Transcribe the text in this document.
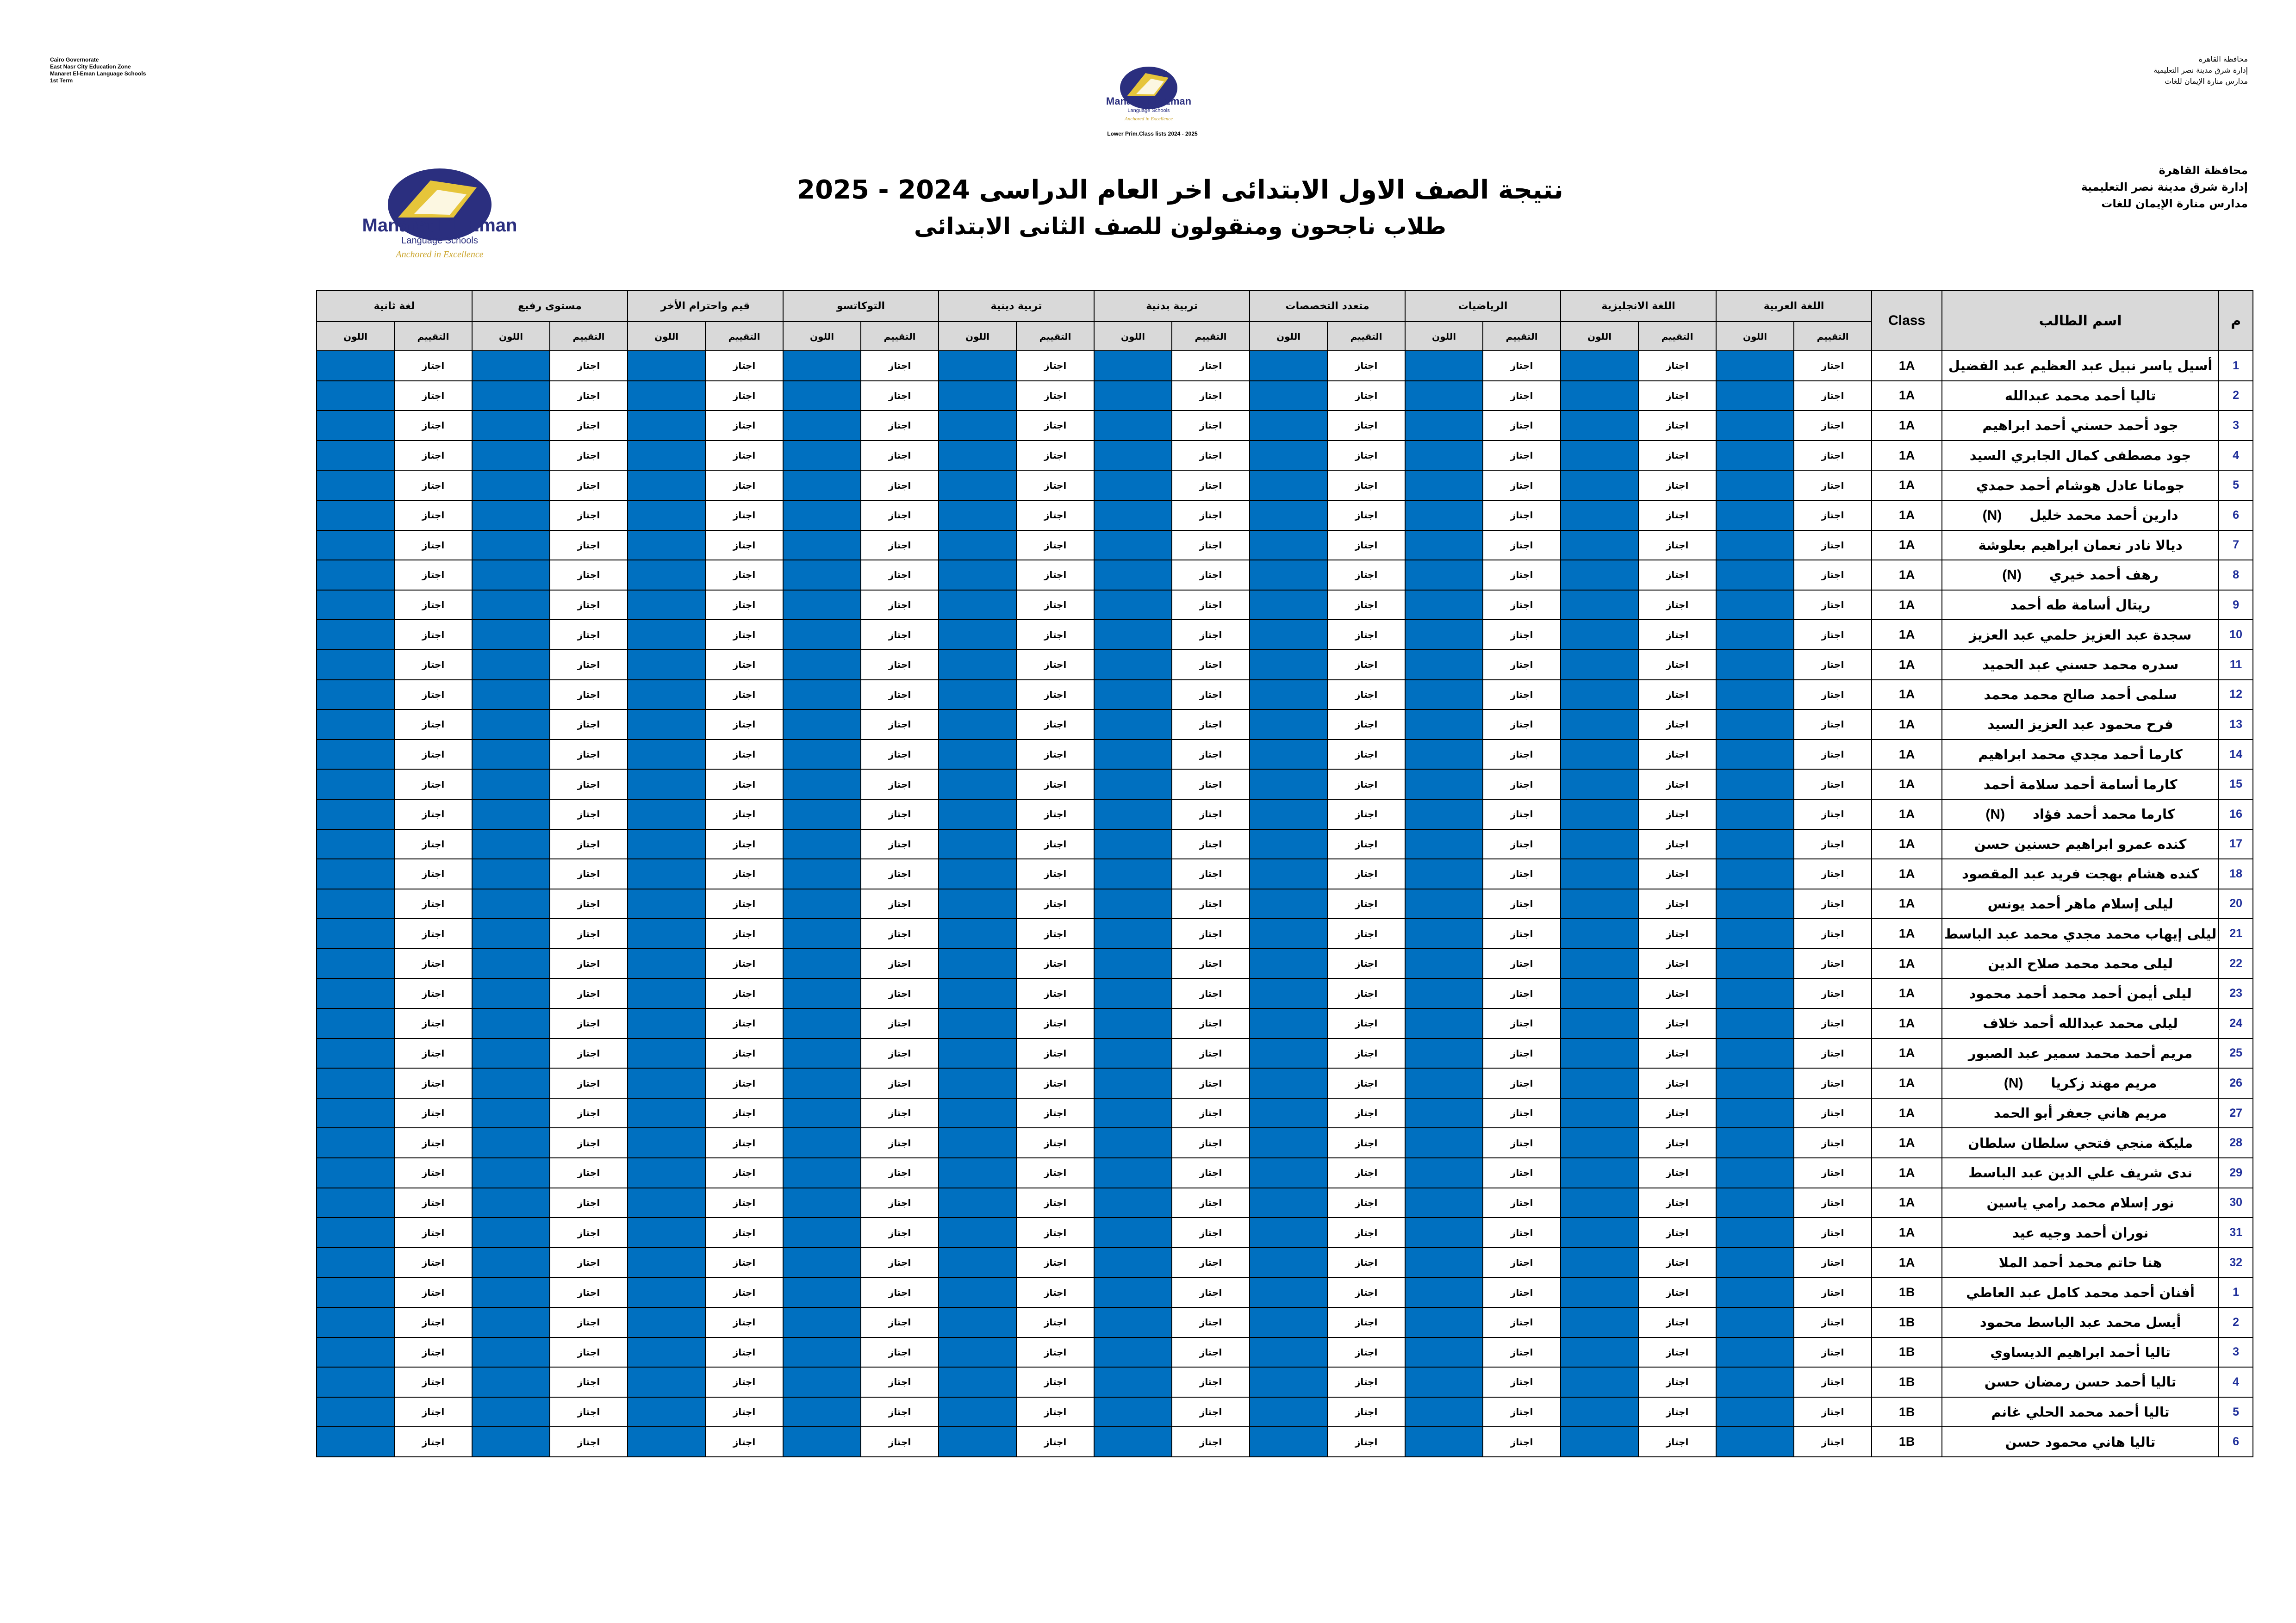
Cairo Governorate
East Nasr City Education Zone
Manaret El-Eman Language Schools
1st Term
محافظة القاهرة
إدارة شرق مدينة نصر التعليمية
مدارس منارة الإيمان للغات
Manaret EL Eman
Language Schools
Anchored in Excellence
Lower Prim.Class lists 2024 - 2025
محافظة القاهرة
إدارة شرق مدينة نصر التعليمية
مدارس منارة الإيمان للغات
Manaret EL Eman
Language Schools
Anchored in Excellence
نتيجة الصف الاول الابتدائى اخر العام الدراسى 2024 - 2025
طلاب ناجحون ومنقولون للصف الثانى الابتدائى
م	اسم الطالب	Class	اللغة العربية		اللغة الانجليزية		الرياضيات		متعدد التخصصات		تربية بدنية		تربية دينية		التوكاتسو		قيم واحترام الأخر		مستوى رفيع		لغة ثانية	
			التقييم	اللون	التقييم	اللون	التقييم	اللون	التقييم	اللون	التقييم	اللون	التقييم	اللون	التقييم	اللون	التقييم	اللون	التقييم	اللون	التقييم	اللون
1	أسيل ياسر نبيل عبد العظيم عبد الفضيل	1A	اجتاز		اجتاز		اجتاز		اجتاز		اجتاز		اجتاز		اجتاز		اجتاز		اجتاز		اجتاز	
2	تاليا أحمد محمد عبدالله	1A	اجتاز		اجتاز		اجتاز		اجتاز		اجتاز		اجتاز		اجتاز		اجتاز		اجتاز		اجتاز	
3	جود أحمد حسني أحمد ابراهيم	1A	اجتاز		اجتاز		اجتاز		اجتاز		اجتاز		اجتاز		اجتاز		اجتاز		اجتاز		اجتاز	
4	جود مصطفى كمال الجابري السيد	1A	اجتاز		اجتاز		اجتاز		اجتاز		اجتاز		اجتاز		اجتاز		اجتاز		اجتاز		اجتاز	
5	جومانا عادل هوشام أحمد حمدي	1A	اجتاز		اجتاز		اجتاز		اجتاز		اجتاز		اجتاز		اجتاز		اجتاز		اجتاز		اجتاز	
6	دارين أحمد محمد خليل(N)	1A	اجتاز		اجتاز		اجتاز		اجتاز		اجتاز		اجتاز		اجتاز		اجتاز		اجتاز		اجتاز	
7	ديالا نادر نعمان ابراهيم بعلوشة	1A	اجتاز		اجتاز		اجتاز		اجتاز		اجتاز		اجتاز		اجتاز		اجتاز		اجتاز		اجتاز	
8	رهف أحمد خيري(N)	1A	اجتاز		اجتاز		اجتاز		اجتاز		اجتاز		اجتاز		اجتاز		اجتاز		اجتاز		اجتاز	
9	ريتال أسامة طه أحمد	1A	اجتاز		اجتاز		اجتاز		اجتاز		اجتاز		اجتاز		اجتاز		اجتاز		اجتاز		اجتاز	
10	سجدة عبد العزيز حلمي عبد العزيز	1A	اجتاز		اجتاز		اجتاز		اجتاز		اجتاز		اجتاز		اجتاز		اجتاز		اجتاز		اجتاز	
11	سدره محمد حسني عبد الحميد	1A	اجتاز		اجتاز		اجتاز		اجتاز		اجتاز		اجتاز		اجتاز		اجتاز		اجتاز		اجتاز	
12	سلمى أحمد صالح محمد محمد	1A	اجتاز		اجتاز		اجتاز		اجتاز		اجتاز		اجتاز		اجتاز		اجتاز		اجتاز		اجتاز	
13	فرح محمود عبد العزيز السيد	1A	اجتاز		اجتاز		اجتاز		اجتاز		اجتاز		اجتاز		اجتاز		اجتاز		اجتاز		اجتاز	
14	كارما أحمد مجدي محمد ابراهيم	1A	اجتاز		اجتاز		اجتاز		اجتاز		اجتاز		اجتاز		اجتاز		اجتاز		اجتاز		اجتاز	
15	كارما أسامة أحمد سلامة أحمد	1A	اجتاز		اجتاز		اجتاز		اجتاز		اجتاز		اجتاز		اجتاز		اجتاز		اجتاز		اجتاز	
16	كارما محمد أحمد فؤاد(N)	1A	اجتاز		اجتاز		اجتاز		اجتاز		اجتاز		اجتاز		اجتاز		اجتاز		اجتاز		اجتاز	
17	كنده عمرو ابراهيم حسنين حسن	1A	اجتاز		اجتاز		اجتاز		اجتاز		اجتاز		اجتاز		اجتاز		اجتاز		اجتاز		اجتاز	
18	كنده هشام بهجت فريد عبد المقصود	1A	اجتاز		اجتاز		اجتاز		اجتاز		اجتاز		اجتاز		اجتاز		اجتاز		اجتاز		اجتاز	
20	ليلى إسلام ماهر أحمد يونس	1A	اجتاز		اجتاز		اجتاز		اجتاز		اجتاز		اجتاز		اجتاز		اجتاز		اجتاز		اجتاز	
21	ليلى إيهاب محمد مجدي محمد عبد الباسط	1A	اجتاز		اجتاز		اجتاز		اجتاز		اجتاز		اجتاز		اجتاز		اجتاز		اجتاز		اجتاز	
22	ليلى محمد محمد صلاح الدين	1A	اجتاز		اجتاز		اجتاز		اجتاز		اجتاز		اجتاز		اجتاز		اجتاز		اجتاز		اجتاز	
23	ليلى أيمن أحمد محمد أحمد محمود	1A	اجتاز		اجتاز		اجتاز		اجتاز		اجتاز		اجتاز		اجتاز		اجتاز		اجتاز		اجتاز	
24	ليلى محمد عبدالله أحمد خلاف	1A	اجتاز		اجتاز		اجتاز		اجتاز		اجتاز		اجتاز		اجتاز		اجتاز		اجتاز		اجتاز	
25	مريم أحمد محمد سمير عبد الصبور	1A	اجتاز		اجتاز		اجتاز		اجتاز		اجتاز		اجتاز		اجتاز		اجتاز		اجتاز		اجتاز	
26	مريم مهند زكريا(N)	1A	اجتاز		اجتاز		اجتاز		اجتاز		اجتاز		اجتاز		اجتاز		اجتاز		اجتاز		اجتاز	
27	مريم هاني جعفر أبو الحمد	1A	اجتاز		اجتاز		اجتاز		اجتاز		اجتاز		اجتاز		اجتاز		اجتاز		اجتاز		اجتاز	
28	مليكة منجي فتحي سلطان سلطان	1A	اجتاز		اجتاز		اجتاز		اجتاز		اجتاز		اجتاز		اجتاز		اجتاز		اجتاز		اجتاز	
29	ندى شريف علي الدين عبد الباسط	1A	اجتاز		اجتاز		اجتاز		اجتاز		اجتاز		اجتاز		اجتاز		اجتاز		اجتاز		اجتاز	
30	نور إسلام محمد رامي ياسين	1A	اجتاز		اجتاز		اجتاز		اجتاز		اجتاز		اجتاز		اجتاز		اجتاز		اجتاز		اجتاز	
31	نوران أحمد وجيه عيد	1A	اجتاز		اجتاز		اجتاز		اجتاز		اجتاز		اجتاز		اجتاز		اجتاز		اجتاز		اجتاز	
32	هنا حاتم محمد أحمد الملا	1A	اجتاز		اجتاز		اجتاز		اجتاز		اجتاز		اجتاز		اجتاز		اجتاز		اجتاز		اجتاز	
1	أفنان أحمد محمد كامل عبد العاطي	1B	اجتاز		اجتاز		اجتاز		اجتاز		اجتاز		اجتاز		اجتاز		اجتاز		اجتاز		اجتاز	
2	أيسل محمد عبد الباسط محمود	1B	اجتاز		اجتاز		اجتاز		اجتاز		اجتاز		اجتاز		اجتاز		اجتاز		اجتاز		اجتاز	
3	تاليا أحمد ابراهيم الديساوي	1B	اجتاز		اجتاز		اجتاز		اجتاز		اجتاز		اجتاز		اجتاز		اجتاز		اجتاز		اجتاز	
4	تاليا أحمد حسن رمضان حسن	1B	اجتاز		اجتاز		اجتاز		اجتاز		اجتاز		اجتاز		اجتاز		اجتاز		اجتاز		اجتاز	
5	تاليا أحمد محمد الحلي غانم	1B	اجتاز		اجتاز		اجتاز		اجتاز		اجتاز		اجتاز		اجتاز		اجتاز		اجتاز		اجتاز	
6	تاليا هاني محمود حسن	1B	اجتاز		اجتاز		اجتاز		اجتاز		اجتاز		اجتاز		اجتاز		اجتاز		اجتاز		اجتاز	
